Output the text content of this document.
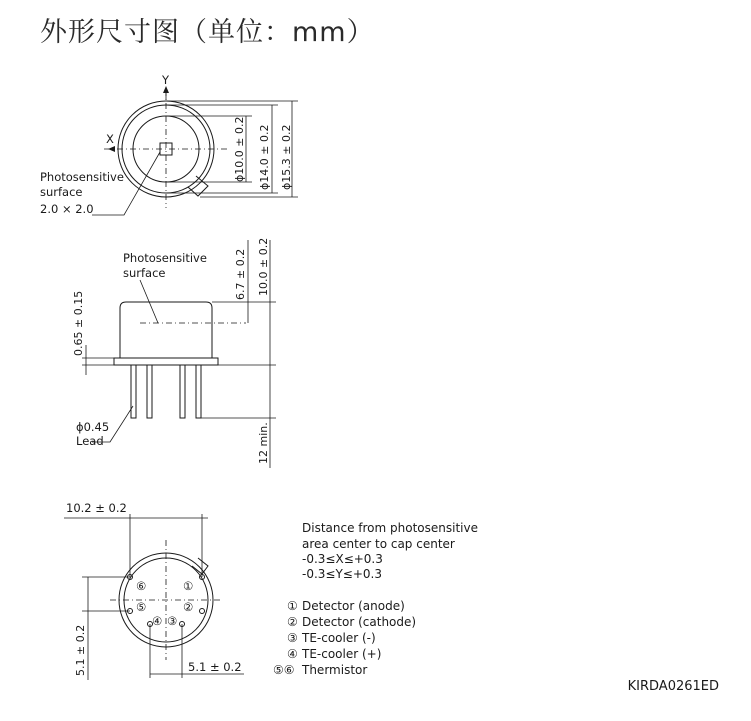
外形尺寸图（单位：mm）
Y
X
Photosensitive
surface
2.0 × 2.0
ϕ10.0 ± 0.2 ϕ14.0 ± 0.2 ϕ15.3 ± 0.2
Photosensitive
surface
0.65 ± 0.15
6.7 ± 0.2 10.0 ± 0.2
12 min.
ϕ0.45
Lead
①
②
③
④
⑤
⑥
10.2 ± 0.2
5.1 ± 0.2	5.1 ± 0.2
Distance from photosensitive
area center to cap center
-0.3≤X≤+0.3
-0.3≤Y≤+0.3
① Detector (anode)
② Detector (cathode)
③ TE-cooler (-)
④ TE-cooler (+)
⑤⑥ Thermistor
KIRDA0261ED
